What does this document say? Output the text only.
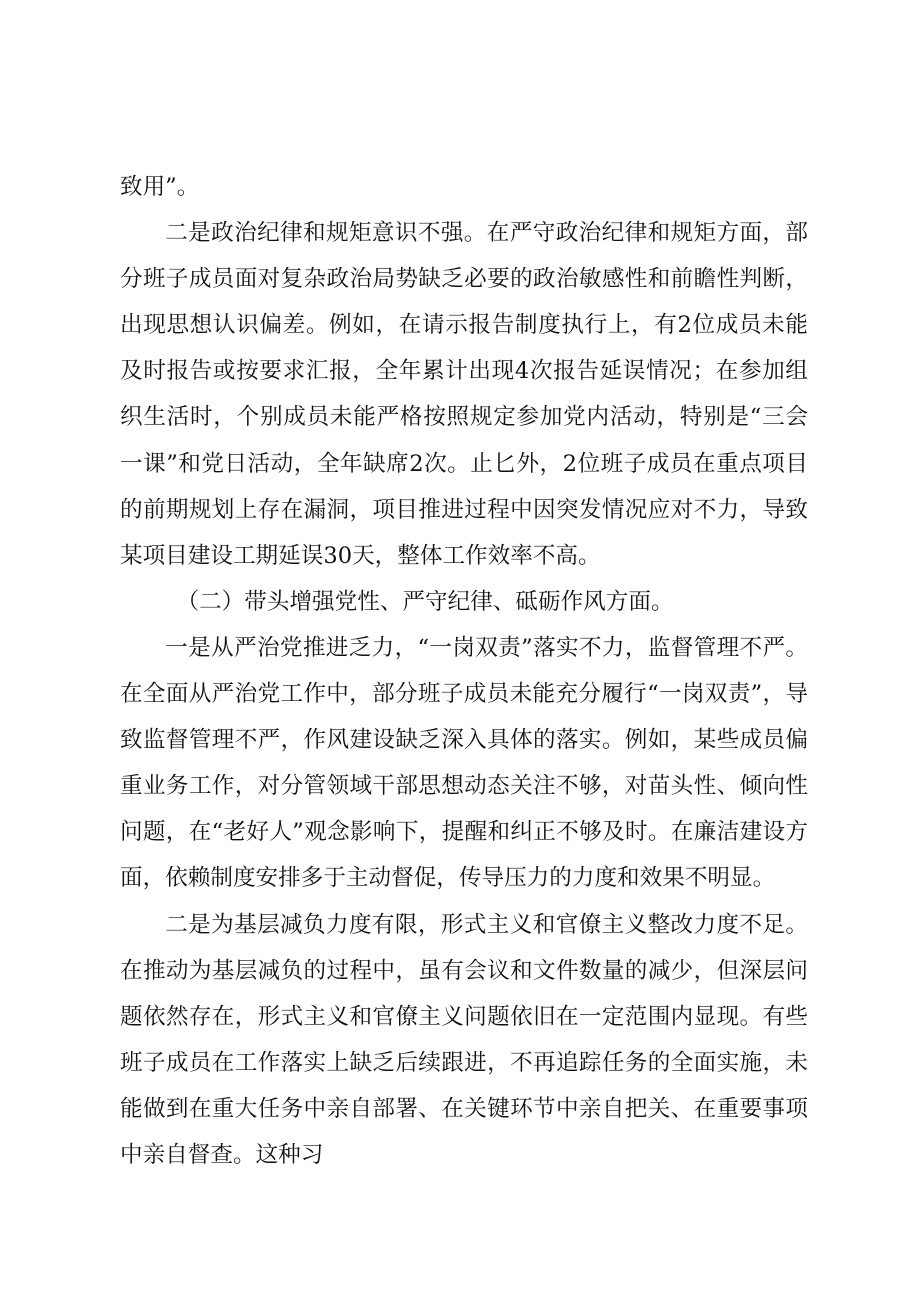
致用”。

二是政治纪律和规矩意识不强。在严守政治纪律和规矩方面，部分班子成员面对复杂政治局势缺乏必要的政治敏感性和前瞻性判断，出现思想认识偏差。例如，在请示报告制度执行上，有2位成员未能及时报告或按要求汇报，全年累计出现4次报告延误情况；在参加组织生活时，个别成员未能严格按照规定参加党内活动，特别是“三会一课”和党日活动，全年缺席2次。止匕外，2位班子成员在重点项目的前期规划上存在漏洞，项目推进过程中因突发情况应对不力，导致某项目建设工期延误30天，整体工作效率不高。

（二）带头增强党性、严守纪律、砥砺作风方面。

一是从严治党推进乏力，“一岗双责”落实不力，监督管理不严。在全面从严治党工作中，部分班子成员未能充分履行“一岗双责”，导致监督管理不严，作风建设缺乏深入具体的落实。例如，某些成员偏重业务工作，对分管领域干部思想动态关注不够，对苗头性、倾向性问题，在“老好人”观念影响下，提醒和纠正不够及时。在廉洁建设方面，依赖制度安排多于主动督促，传导压力的力度和效果不明显。

二是为基层减负力度有限，形式主义和官僚主义整改力度不足。在推动为基层减负的过程中，虽有会议和文件数量的减少，但深层问题依然存在，形式主义和官僚主义问题依旧在一定范围内显现。有些班子成员在工作落实上缺乏后续跟进，不再追踪任务的全面实施，未能做到在重大任务中亲自部署、在关键环节中亲自把关、在重要事项中亲自督查。这种习
